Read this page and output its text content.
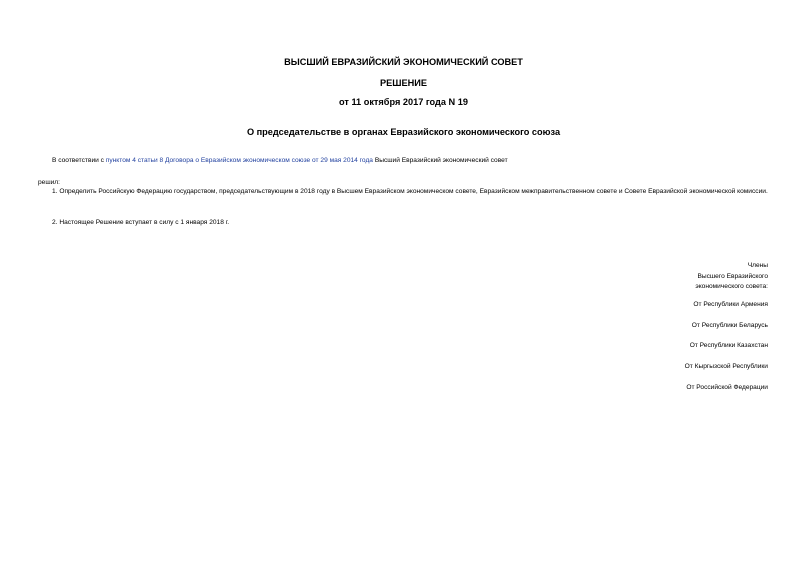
ВЫСШИЙ ЕВРАЗИЙСКИЙ ЭКОНОМИЧЕСКИЙ СОВЕТ
РЕШЕНИЕ
от 11 октября 2017 года N 19
О председательстве в органах Евразийского экономического союза
В соответствии с пунктом 4 статьи 8 Договора о Евразийском экономическом союзе от 29 мая 2014 года Высший Евразийский экономический совет
решил:
1. Определить Российскую Федерацию государством, председательствующим в 2018 году в Высшем Евразийском экономическом совете, Евразийском межправительственном совете и Совете Евразийской экономической комиссии.
2. Настоящее Решение вступает в силу с 1 января 2018 г.
Члены
Высшего Евразийского
экономического совета:
От Республики Армения
От Республики Беларусь
От Республики Казахстан
От Кыргызской Республики
От Российской Федерации
